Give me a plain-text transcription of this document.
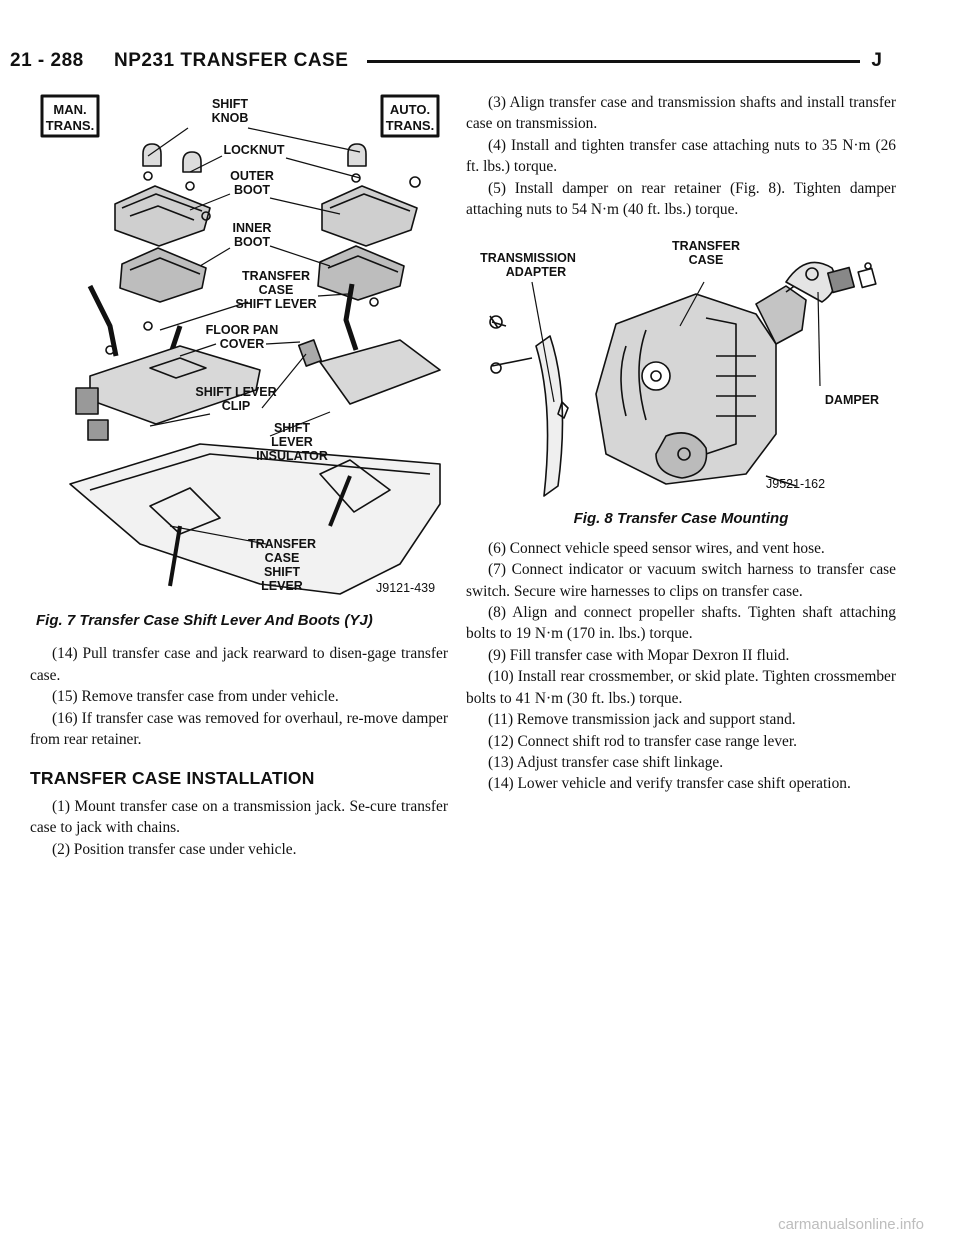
21 - 288 NP231 TRANSFER CASE	J
MAN.
TRANS.
AUTO.
TRANS.
SHIFT
KNOB
LOCKNUT
OUTER
BOOT
INNER
BOOT
TRANSFER
CASE
SHIFT LEVER
FLOOR PAN
COVER
SHIFT LEVER
CLIP
SHIFT
LEVER
INSULATOR
TRANSFER
CASE
SHIFT
LEVER	J9121-439

Fig. 7 Transfer Case Shift Lever And Boots (YJ)

(14) Pull transfer case and jack rearward to disen-gage transfer case.

(15) Remove transfer case from under vehicle.

(16) If transfer case was removed for overhaul, re-move damper from rear retainer.

TRANSFER CASE INSTALLATION

(1) Mount transfer case on a transmission jack. Se-cure transfer case to jack with chains.

(2) Position transfer case under vehicle.

(3) Align transfer case and transmission shafts and install transfer case on transmission.

(4) Install and tighten transfer case attaching nuts to 35 N·m (26 ft. lbs.) torque.

(5) Install damper on rear retainer (Fig. 8). Tighten damper attaching nuts to 54 N·m (40 ft. lbs.) torque.

TRANSMISSION
ADAPTER
TRANSFER
CASE
DAMPER
J9521-162

Fig. 8 Transfer Case Mounting

(6) Connect vehicle speed sensor wires, and vent hose.

(7) Connect indicator or vacuum switch harness to transfer case switch. Secure wire harnesses to clips on transfer case.

(8) Align and connect propeller shafts. Tighten shaft attaching bolts to 19 N·m (170 in. lbs.) torque.

(9) Fill transfer case with Mopar Dexron II fluid.

(10) Install rear crossmember, or skid plate. Tighten crossmember bolts to 41 N·m (30 ft. lbs.) torque.

(11) Remove transmission jack and support stand.

(12) Connect shift rod to transfer case range lever.

(13) Adjust transfer case shift linkage.

(14) Lower vehicle and verify transfer case shift operation.

carmanualsonline.info
